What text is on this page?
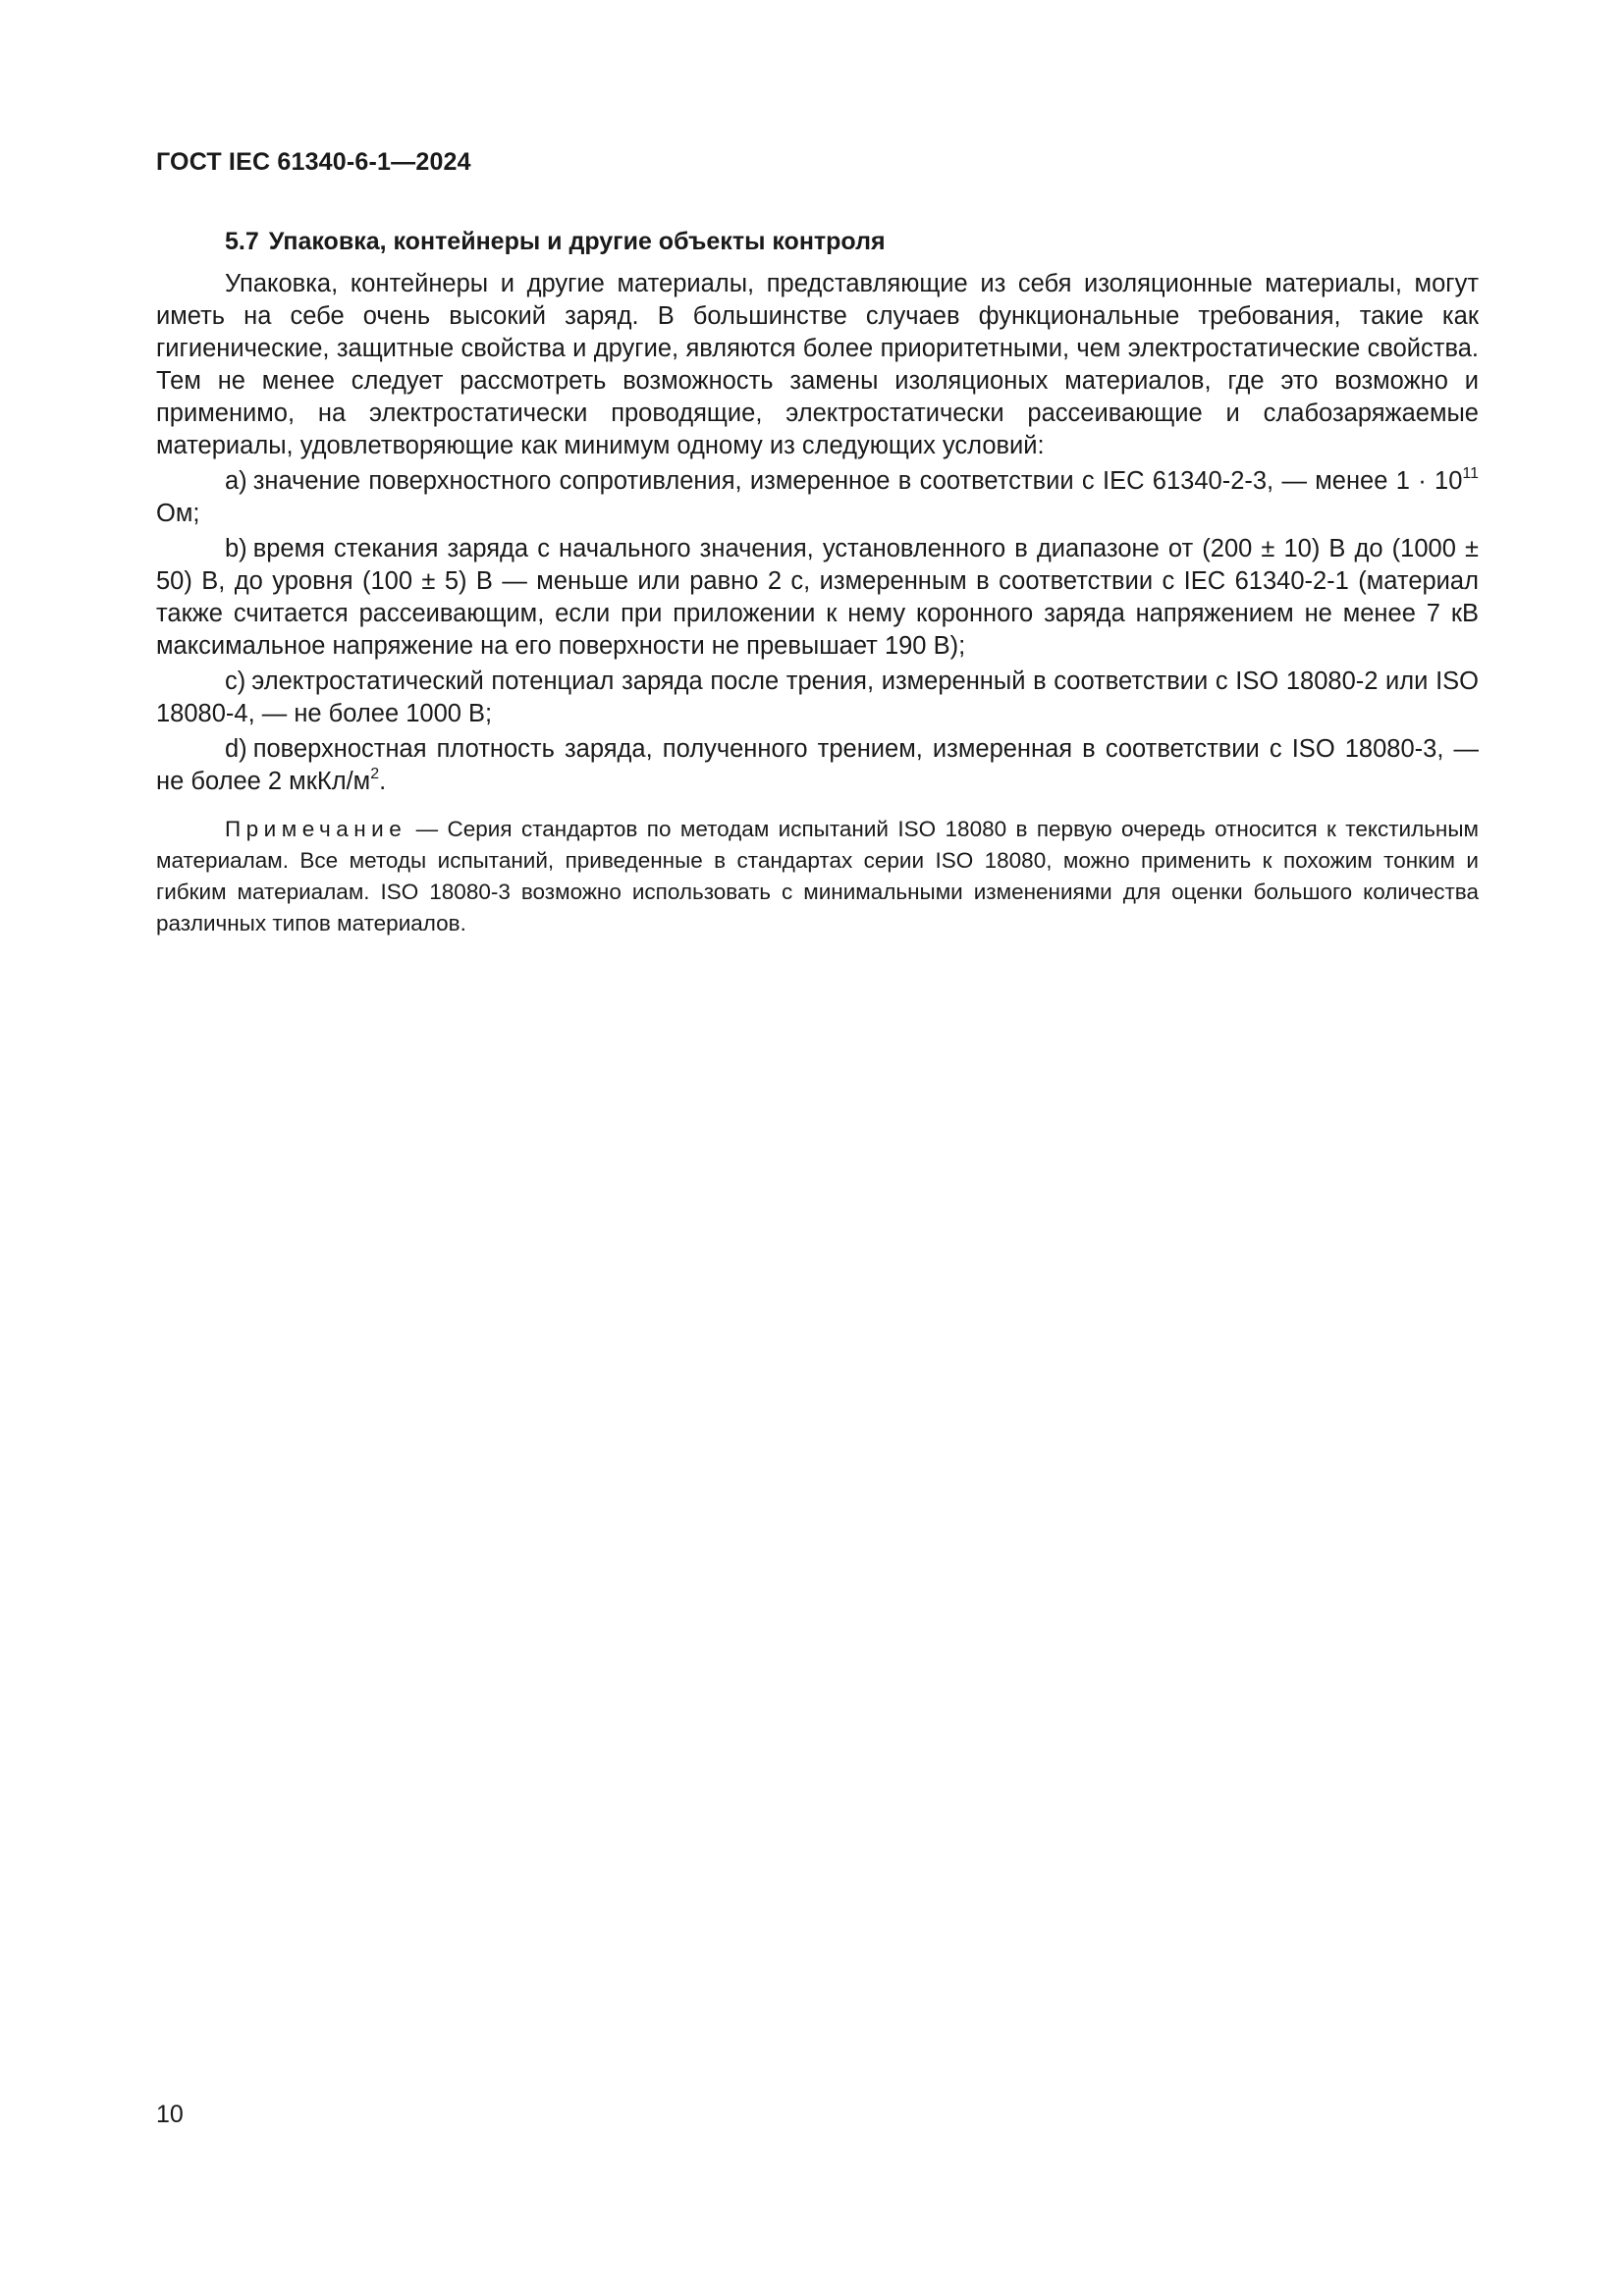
ГОСТ IEC 61340-6-1—2024

5.7 Упаковка, контейнеры и другие объекты контроля

Упаковка, контейнеры и другие материалы, представляющие из себя изоляционные материалы, могут иметь на себе очень высокий заряд. В большинстве случаев функциональные требования, такие как гигиенические, защитные свойства и другие, являются более приоритетными, чем электростатические свойства. Тем не менее следует рассмотреть возможность замены изоляционых материалов, где это возможно и применимо, на электростатически проводящие, электростатически рассеивающие и слабозаряжаемые материалы, удовлетворяющие как минимум одному из следующих условий:

a) значение поверхностного сопротивления, измеренное в соответствии с IEC 61340-2-3, — менее $1 \cdot 10^{11}$ Ом;

b) время стекания заряда с начального значения, установленного в диапазоне от (200 ± 10) В до (1000 ± 50) В, до уровня (100 ± 5) В — меньше или равно 2 с, измеренным в соответствии с IEC 61340-2-1 (материал также считается рассеивающим, если при приложении к нему коронного заряда напряжением не менее 7 кВ максимальное напряжение на его поверхности не превышает 190 В);

c) электростатический потенциал заряда после трения, измеренный в соответствии с ISO 18080-2 или ISO 18080-4, — не более 1000 В;

d) поверхностная плотность заряда, полученного трением, измеренная в соответствии с ISO 18080-3, — не более 2 мкКл/$м^2$.

Примечание — Серия стандартов по методам испытаний ISO 18080 в первую очередь относится к текстильным материалам. Все методы испытаний, приведенные в стандартах серии ISO 18080, можно применить к похожим тонким и гибким материалам. ISO 18080-3 возможно использовать с минимальными изменениями для оценки большого количества различных типов материалов.

10
